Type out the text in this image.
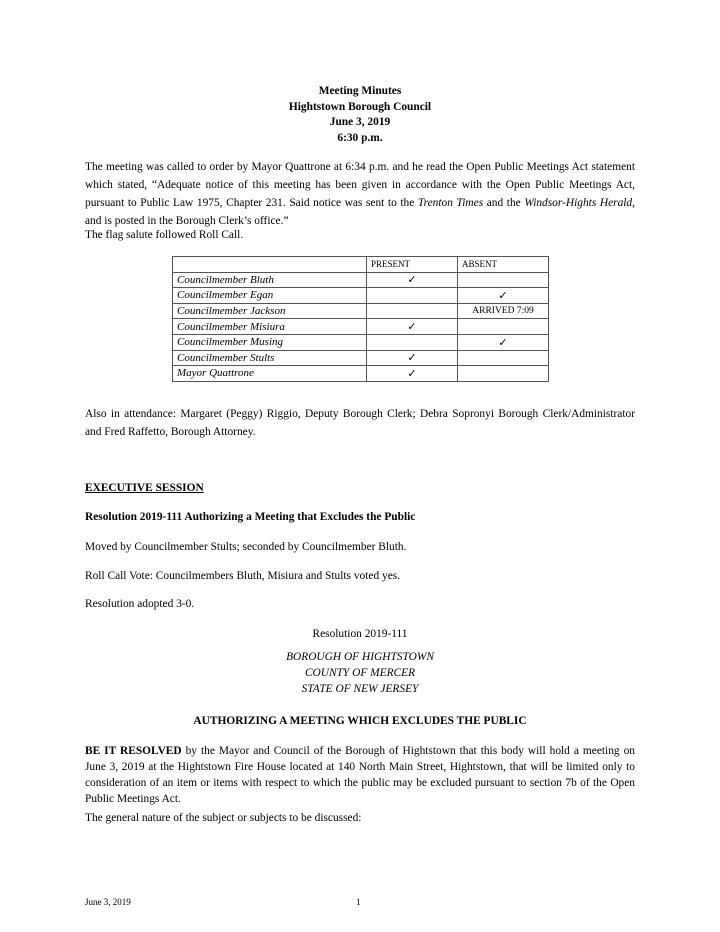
Meeting Minutes
Hightstown Borough Council
June 3, 2019
6:30 p.m.
The meeting was called to order by Mayor Quattrone at 6:34 p.m. and he read the Open Public Meetings Act statement which stated, “Adequate notice of this meeting has been given in accordance with the Open Public Meetings Act, pursuant to Public Law 1975, Chapter 231. Said notice was sent to the Trenton Times and the Windsor-Hights Herald, and is posted in the Borough Clerk’s office.”
The flag salute followed Roll Call.
	PRESENT	ABSENT
Councilmember Bluth	✓	
Councilmember Egan		✓
Councilmember Jackson		ARRIVED 7:09
Councilmember Misiura	✓	
Councilmember Musing		✓
Councilmember Stults	✓	
Mayor Quattrone	✓	
Also in attendance: Margaret (Peggy) Riggio, Deputy Borough Clerk; Debra Sopronyi Borough Clerk/Administrator and Fred Raffetto, Borough Attorney.
EXECUTIVE SESSION
Resolution 2019-111 Authorizing a Meeting that Excludes the Public
Moved by Councilmember Stults; seconded by Councilmember Bluth.
Roll Call Vote: Councilmembers Bluth, Misiura and Stults voted yes.
Resolution adopted 3-0.
Resolution 2019-111
BOROUGH OF HIGHTSTOWN
COUNTY OF MERCER
STATE OF NEW JERSEY
AUTHORIZING A MEETING WHICH EXCLUDES THE PUBLIC
BE IT RESOLVED by the Mayor and Council of the Borough of Hightstown that this body will hold a meeting on June 3, 2019 at the Hightstown Fire House located at 140 North Main Street, Hightstown, that will be limited only to consideration of an item or items with respect to which the public may be excluded pursuant to section 7b of the Open Public Meetings Act.
The general nature of the subject or subjects to be discussed:
June 3, 2019	1
